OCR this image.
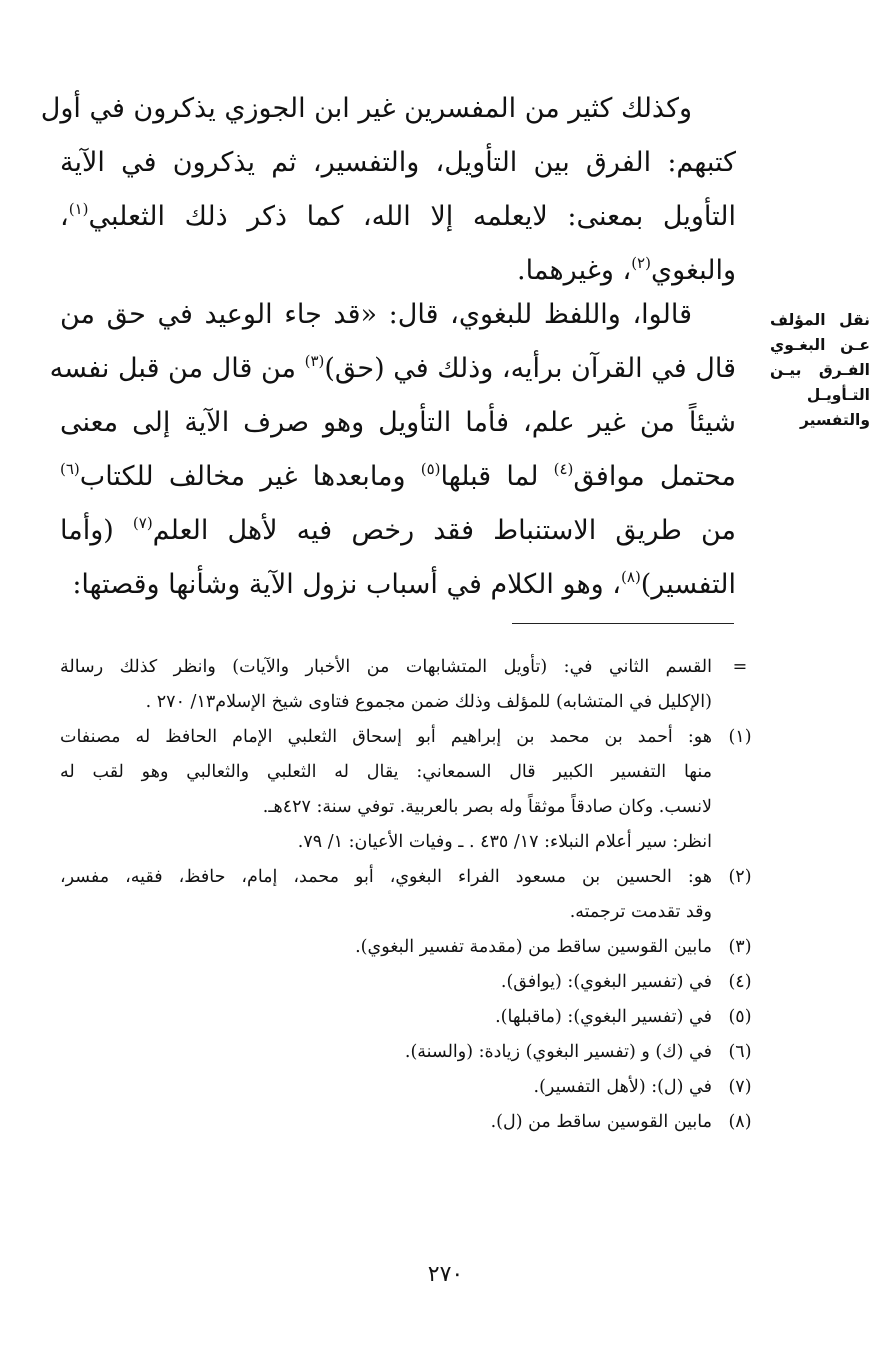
وكذلك كثير من المفسرين غير ابن الجوزي يذكرون في أول
كتبهم: الفرق بين التأويل، والتفسير، ثم يذكرون في الآية
التأويل بمعنى: لايعلمه إلا الله، كما ذكر ذلك الثعلبي$^{(١)}$،
والبغوي$^{(٢)}$، وغيرهما.
قالوا، واللفظ للبغوي، قال: «قد جاء الوعيد في حق من
قال في القرآن برأيه، وذلك في (حق)$^{(٣)}$ من قال من قبل نفسه
شيئاً من غير علم، فأما التأويل وهو صرف الآية إلى معنى
محتمل موافق$^{(٤)}$ لما قبلها$^{(٥)}$ ومابعدها غير مخالف للكتاب$^{(٦)}$
من طريق الاستنباط فقد رخص فيه لأهل العلم$^{(٧)}$ (وأما
التفسير)$^{(٨)}$، وهو الكلام في أسباب نزول الآية وشأنها وقصتها:
نقل المؤلف
عـن البغـوي
الفـرق بيـن
التـأويـل
والتفسير
=
القسم الثاني في: (تأويل المتشابهات من الأخبار والآيات) وانظر كذلك رسالة
(الإكليل في المتشابه) للمؤلف وذلك ضمن مجموع فتاوى شيخ الإسلام١٣/ ٢٧٠ .
(١)
هو: أحمد بن محمد بن إبراهيم أبو إسحاق الثعلبي الإمام الحافظ له مصنفات
منها التفسير الكبير قال السمعاني: يقال له الثعلبي والثعالبي وهو لقب له
لانسب. وكان صادقاً موثقاً وله بصر بالعربية. توفي سنة: ٤٢٧هـ.
انظر: سير أعلام النبلاء: ١٧/ ٤٣٥ . ـ وفيات الأعيان: ١/ ٧٩.
(٢)
هو: الحسين بن مسعود الفراء البغوي، أبو محمد، إمام، حافظ، فقيه، مفسر،
وقد تقدمت ترجمته.
(٣)
مابين القوسين ساقط من (مقدمة تفسير البغوي).
(٤)
في (تفسير البغوي): (يوافق).
(٥)
في (تفسير البغوي): (ماقبلها).
(٦)
في (ك) و (تفسير البغوي) زيادة: (والسنة).
(٧)
في (ل): (لأهل التفسير).
(٨)
مابين القوسين ساقط من (ل).
٢٧٠
